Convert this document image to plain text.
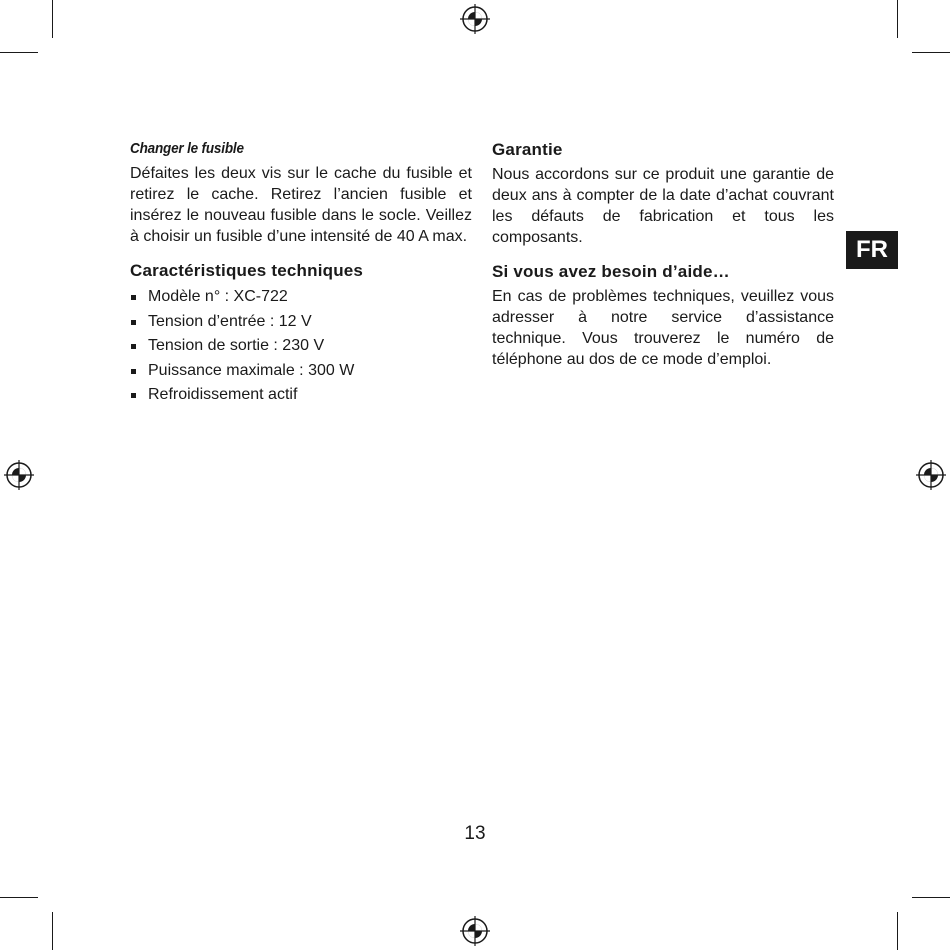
Changer le fusible

Défaites les deux vis sur le cache du fusible et retirez le cache. Retirez l’ancien fusible et insérez le nouveau fusible dans le socle. Veillez à choisir un fusible d’une intensité de 40 A max.

Caractéristiques techniques
Modèle n° : XC-722
Tension d’entrée : 12 V
Tension de sortie : 230 V
Puissance maximale : 300 W
Refroidissement actif
Garantie

Nous accordons sur ce produit une garantie de deux ans à compter de la date d’achat couvrant les défauts de fabrication et tous les composants.

Si vous avez besoin d’aide…

En cas de problèmes techniques, veuillez vous adresser à notre service d’assistance technique. Vous trouverez le numéro de téléphone au dos de ce mode d’emploi.

FR
13
